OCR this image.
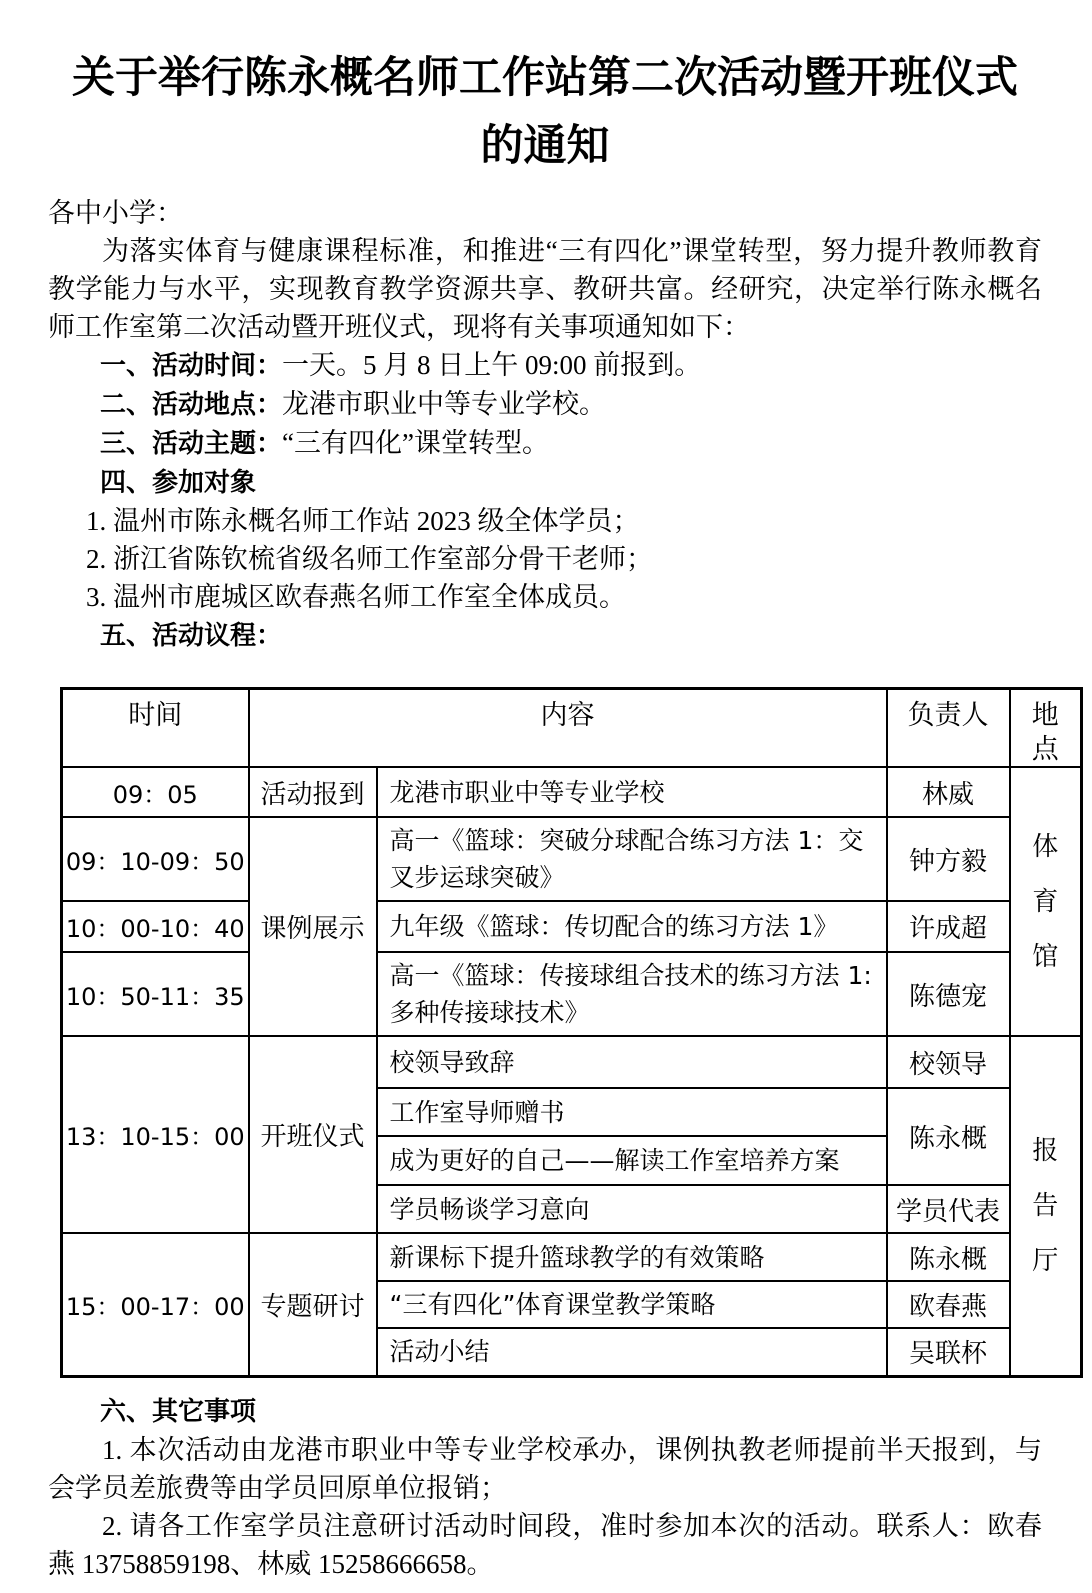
关于举行陈永概名师工作站第二次活动暨开班仪式
的通知
各中小学：

为落实体育与健康课程标准，和推进“三有四化”课堂转型，努力提升教师教育教学能力与水平，实现教育教学资源共享、教研共富。经研究，决定举行陈永概名师工作室第二次活动暨开班仪式，现将有关事项通知如下：

一、活动时间：一天。5 月 8 日上午 09:00 前报到。
二、活动地点：龙港市职业中等专业学校。
三、活动主题：“三有四化”课堂转型。
四、参加对象
1. 温州市陈永概名师工作站 2023 级全体学员；
2. 浙江省陈钦梳省级名师工作室部分骨干老师；
3. 温州市鹿城区欧春燕名师工作室全体成员。
五、活动议程：
时间	内容		负责人	地点
09：05	活动报到	龙港市职业中等专业学校	林威	体育馆
09：10-09：50	课例展示	高一《篮球：突破分球配合练习方法 1：交叉步运球突破》	钟方毅	
10：00-10：40		九年级《篮球：传切配合的练习方法 1》	许成超	
10：50-11：35		高一《篮球：传接球组合技术的练习方法 1:多种传接球技术》	陈德宠	
13：10-15：00	开班仪式	校领导致辞	校领导	报告厅
		工作室导师赠书	陈永概	
		成为更好的自己——解读工作室培养方案		
		学员畅谈学习意向	学员代表	
15：00-17：00	专题研讨	新课标下提升篮球教学的有效策略	陈永概	
		“三有四化”体育课堂教学策略	欧春燕	
		活动小结	吴联杯	
六、其它事项

1. 本次活动由龙港市职业中等专业学校承办，课例执教老师提前半天报到，与会学员差旅费等由学员回原单位报销；

2. 请各工作室学员注意研讨活动时间段，准时参加本次的活动。联系人：欧春燕 13758859198、林威 15258666658。
